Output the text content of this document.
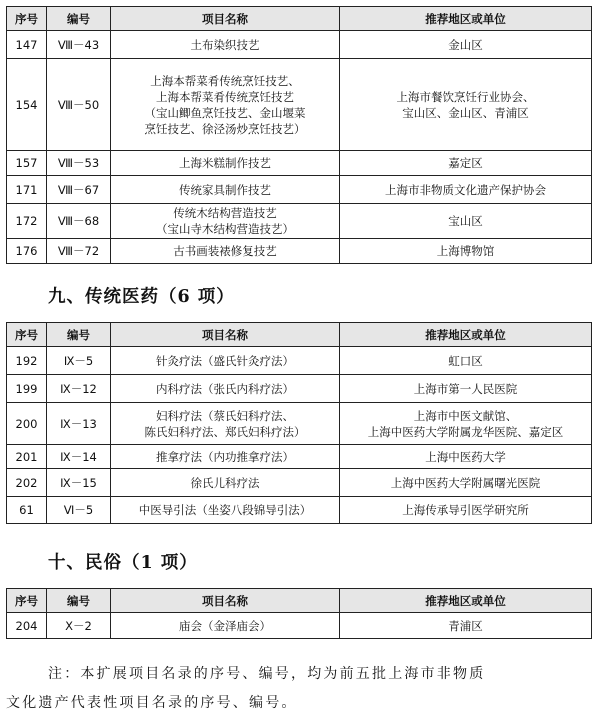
序号	编号	项目名称	推荐地区或单位
147	Ⅷ－43	土布染织技艺	金山区

154	Ⅷ－50	上海本帮菜肴传统烹饪技艺、
上海本帮菜肴传统烹饪技艺
（宝山鲫鱼烹饪技艺、金山堰菜
烹饪技艺、徐泾汤炒烹饪技艺）	上海市餐饮烹饪行业协会、
宝山区、金山区、青浦区

157	Ⅷ－53	上海米糕制作技艺	嘉定区

171	Ⅷ－67	传统家具制作技艺	上海市非物质文化遗产保护协会

172	Ⅷ－68	传统木结构营造技艺
（宝山寺木结构营造技艺）	宝山区

176	Ⅷ－72	古书画装裱修复技艺	上海博物馆
九、传统医药（6 项）
序号	编号	项目名称	推荐地区或单位
192	Ⅸ－5	针灸疗法（盛氏针灸疗法）	虹口区

199	Ⅸ－12	内科疗法（张氏内科疗法）	上海市第一人民医院

200	Ⅸ－13	妇科疗法（蔡氏妇科疗法、
陈氏妇科疗法、郑氏妇科疗法）	上海市中医文献馆、
上海中医药大学附属龙华医院、嘉定区

201	Ⅸ－14	推拿疗法（内功推拿疗法）	上海中医药大学

202	Ⅸ－15	徐氏儿科疗法	上海中医药大学附属曙光医院

61	Ⅵ－5	中医导引法（坐姿八段锦导引法）	上海传承导引医学研究所
十、民俗（1 项）
序号	编号	项目名称	推荐地区或单位
204	Ⅹ－2	庙会（金泽庙会）	青浦区
注：本扩展项目名录的序号、编号，均为前五批上海市非物质
文化遗产代表性项目名录的序号、编号。
